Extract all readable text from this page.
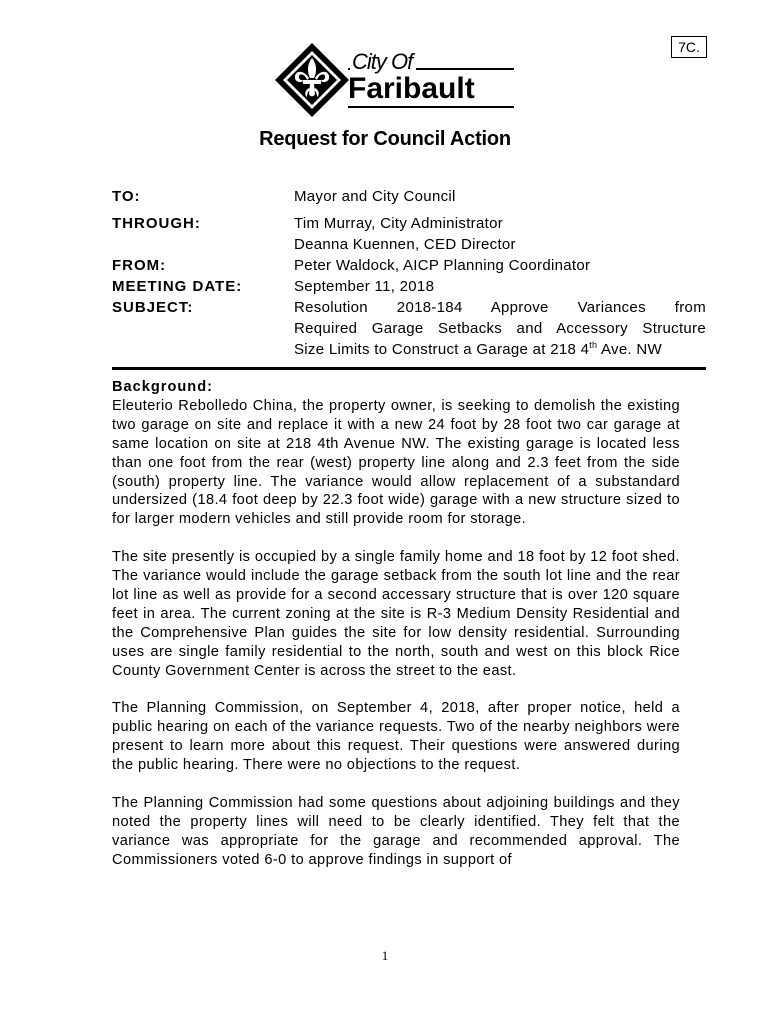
7C.
City Of
Faribault
Request for Council Action
TO:	Mayor and City Council
THROUGH:	Tim Murray, City Administrator
Deanna Kuennen, CED Director
FROM:	Peter Waldock, AICP Planning Coordinator
MEETING DATE:	September 11, 2018
SUBJECT:	Resolution 2018-184 Approve Variances from
Required Garage Setbacks and Accessory Structure
Size Limits to Construct a Garage at 218 4th Ave. NW
Background:

Eleuterio Rebolledo China, the property owner, is seeking to demolish the existing two garage on site and replace it with a new 24 foot by 28 foot two car garage at same location on site at 218 4th Avenue NW. The existing garage is located less than one foot from the rear (west) property line along and 2.3 feet from the side (south) property line. The variance would allow replacement of a substandard undersized (18.4 foot deep by 22.3 foot wide) garage with a new structure sized to for larger modern vehicles and still provide room for storage.

The site presently is occupied by a single family home and 18 foot by 12 foot shed. The variance would include the garage setback from the south lot line and the rear lot line as well as provide for a second accessary structure that is over 120 square feet in area. The current zoning at the site is R-3 Medium Density Residential and the Comprehensive Plan guides the site for low density residential. Surrounding uses are single family residential to the north, south and west on this block Rice County Government Center is across the street to the east.

The Planning Commission, on September 4, 2018, after proper notice, held a public hearing on each of the variance requests. Two of the nearby neighbors were present to learn more about this request. Their questions were answered during the public hearing. There were no objections to the request.

The Planning Commission had some questions about adjoining buildings and they noted the property lines will need to be clearly identified. They felt that the variance was appropriate for the garage and recommended approval. The Commissioners voted 6-0 to approve findings in support of

1
